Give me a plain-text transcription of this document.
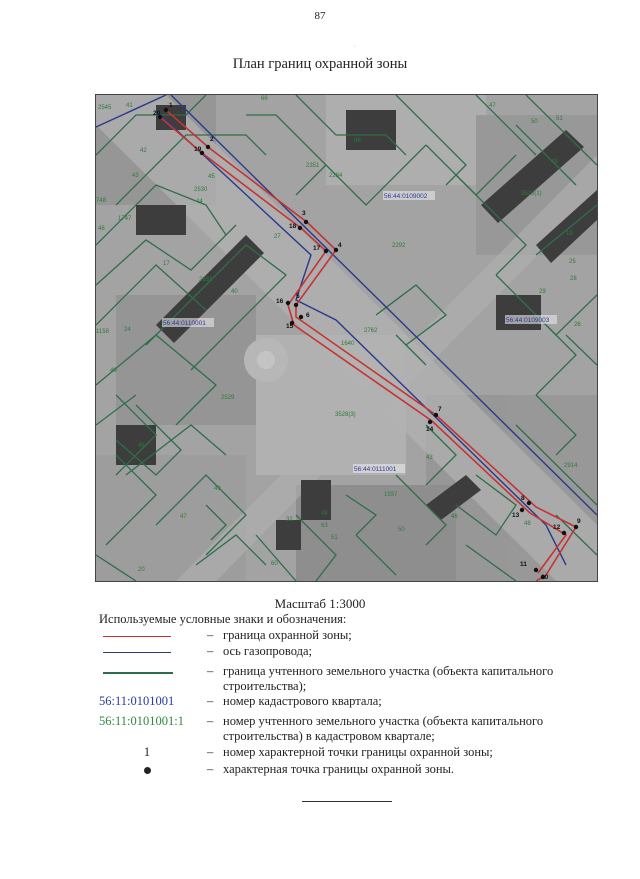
87
·
План границ охранной зоны
1
2
3
4
5
6
7
8
9
10
11
12
13
14
15
16
17
18
19
20
56:44:0109002
56:44:0109003
56:44:0110001
56:44:0111001
2545 41
66
47
50	51
86
42
45
2351
2284
49
3528(1)
748
1747
43
2530
44
48
19
17
2631
27
25
28
1158	24
29
2762
1640
26
49
2529
3528(3)
43
48
2914
49
1937
48	46
47	32
63
50
48
60
20
2292
40
51
Масштаб 1:3000
Используемые условные знаки и обозначения:
– граница охранной зоны;
– ось газопровода;
– граница учтенного земельного участка (объекта капитального строительства);
56:11:0101001	– номер кадастрового квартала;
56:11:0101001:1	– номер учтенного земельного участка (объекта капитального строительства) в кадастровом квартале;
1	– номер характерной точки границы охранной зоны;
– характерная точка границы охранной зоны.
